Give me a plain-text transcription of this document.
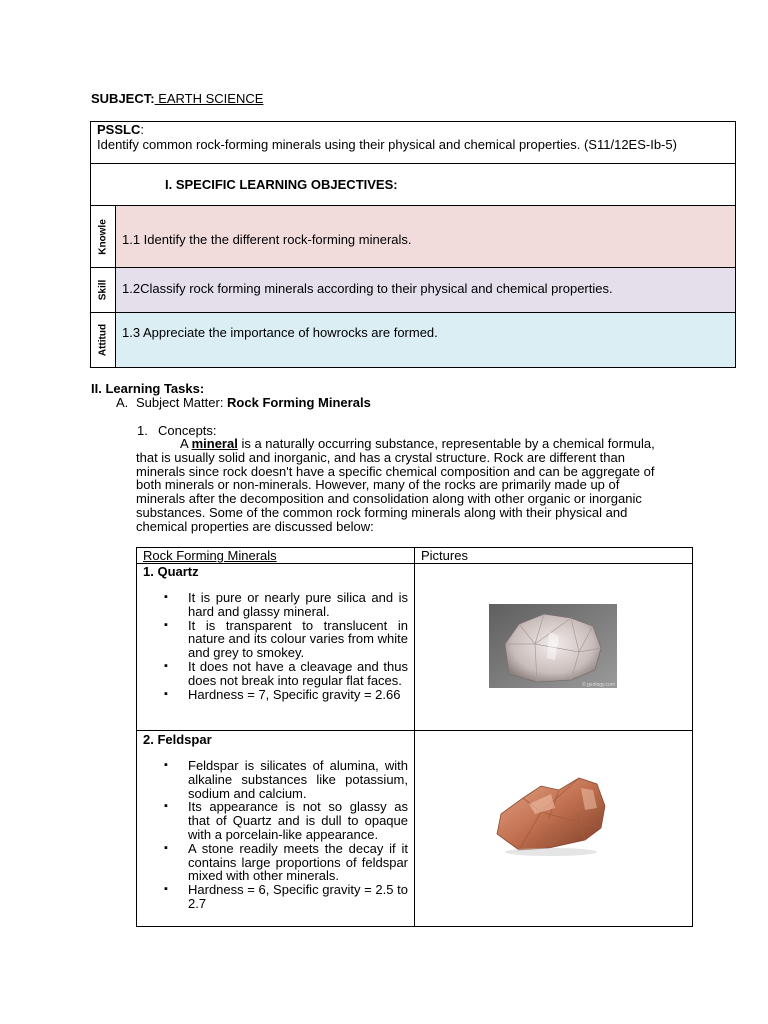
SUBJECT: EARTH SCIENCE
PSSLC:
Identify common rock-forming minerals using their physical and chemical properties. (S11/12ES-Ib-5)
I. SPECIFIC LEARNING OBJECTIVES:
Knowle 1.1 Identify the the different rock-forming minerals.
Skill 1.2Classify rock forming minerals according to their physical and chemical properties.
Attitud 1.3 Appreciate the importance of howrocks are formed.
II. Learning Tasks:
A. Subject Matter: Rock Forming Minerals
1. Concepts:
A mineral is a naturally occurring substance, representable by a chemical formula, that is usually solid and inorganic, and has a crystal structure. Rock are different than minerals since rock doesn't have a specific chemical composition and can be aggregate of both minerals or non-minerals. However, many of the rocks are primarily made up of minerals after the decomposition and consolidation along with other organic or inorganic substances. Some of the common rock forming minerals along with their physical and chemical properties are discussed below:
Rock Forming Minerals	Pictures
1. Quartz
▪ It is pure or nearly pure silica and is hard and glassy mineral.
▪ It is transparent to translucent in nature and its colour varies from white and grey to smokey.
▪ It does not have a cleavage and thus does not break into regular flat faces.
▪ Hardness = 7, Specific gravity = 2.66
© geology.com
2. Feldspar
▪ Feldspar is silicates of alumina, with alkaline substances like potassium, sodium and calcium.
▪ Its appearance is not so glassy as that of Quartz and is dull to opaque with a porcelain-like appearance.
▪ A stone readily meets the decay if it contains large proportions of feldspar mixed with other minerals.
▪ Hardness = 6, Specific gravity = 2.5 to 2.7
